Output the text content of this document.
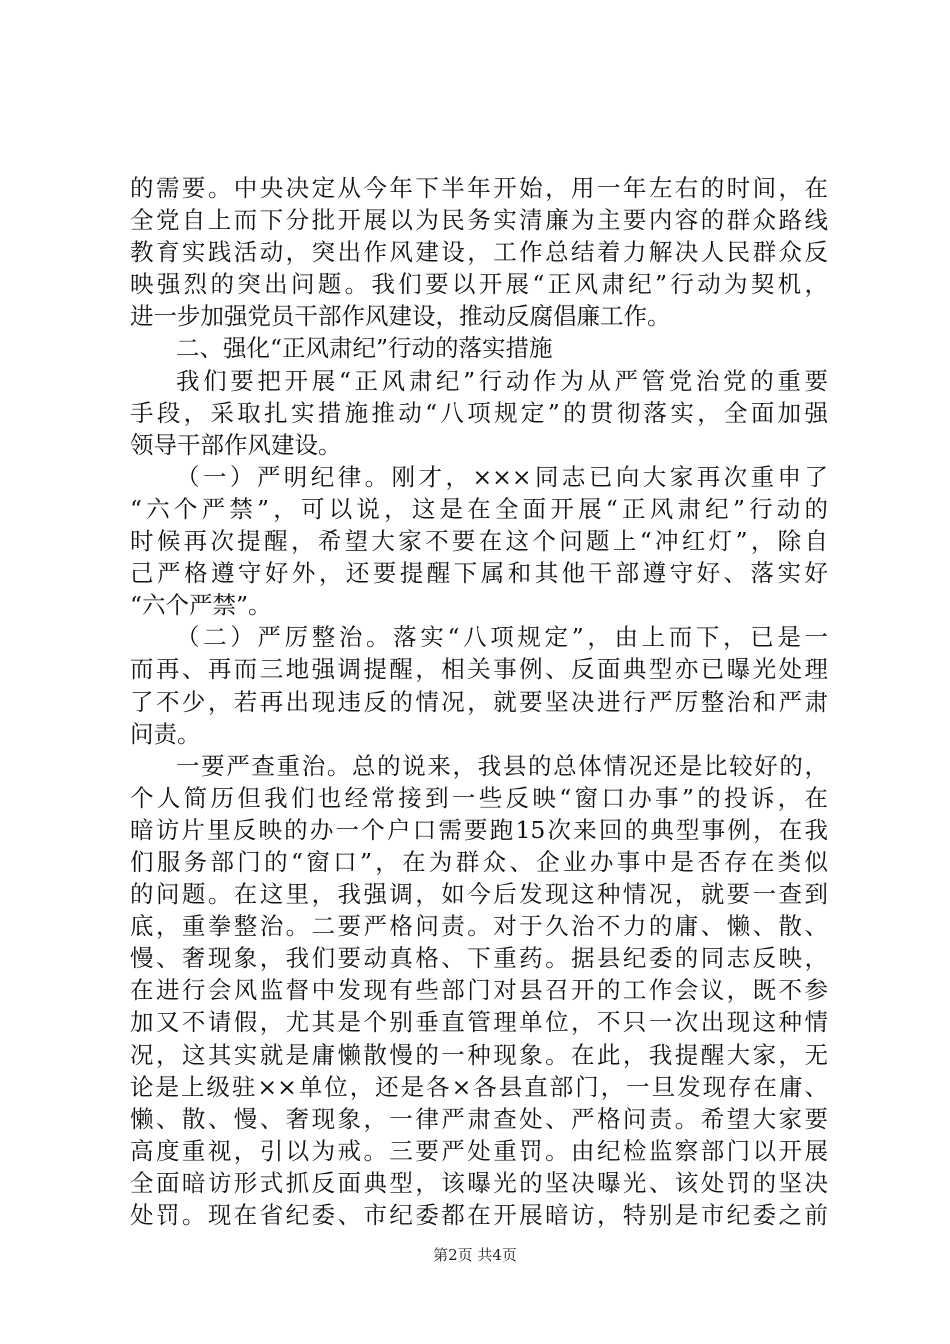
的需要。中央决定从今年下半年开始，用一年左右的时间，在
全党自上而下分批开展以为民务实清廉为主要内容的群众路线
教育实践活动，突出作风建设，工作总结着力解决人民群众反
映强烈的突出问题。我们要以开展“正风肃纪”行动为契机，
进一步加强党员干部作风建设，推动反腐倡廉工作。
二、强化“正风肃纪”行动的落实措施
我们要把开展“正风肃纪”行动作为从严管党治党的重要
手段，采取扎实措施推动“八项规定”的贯彻落实，全面加强
领导干部作风建设。
（一）严明纪律。刚才，×××同志已向大家再次重申了
“六个严禁”，可以说，这是在全面开展“正风肃纪”行动的
时候再次提醒，希望大家不要在这个问题上“冲红灯”，除自
己严格遵守好外，还要提醒下属和其他干部遵守好、落实好
“六个严禁”。
（二）严厉整治。落实“八项规定”，由上而下，已是一
而再、再而三地强调提醒，相关事例、反面典型亦已曝光处理
了不少，若再出现违反的情况，就要坚决进行严厉整治和严肃
问责。
一要严查重治。总的说来，我县的总体情况还是比较好的，
个人简历但我们也经常接到一些反映“窗口办事”的投诉，在
暗访片里反映的办一个户口需要跑15次来回的典型事例，在我
们服务部门的“窗口”，在为群众、企业办事中是否存在类似
的问题。在这里，我强调，如今后发现这种情况，就要一查到
底，重拳整治。二要严格问责。对于久治不力的庸、懒、散、
慢、奢现象，我们要动真格、下重药。据县纪委的同志反映，
在进行会风监督中发现有些部门对县召开的工作会议，既不参
加又不请假，尤其是个别垂直管理单位，不只一次出现这种情
况，这其实就是庸懒散慢的一种现象。在此，我提醒大家，无
论是上级驻××单位，还是各×各县直部门，一旦发现存在庸、
懒、散、慢、奢现象，一律严肃查处、严格问责。希望大家要
高度重视，引以为戒。三要严处重罚。由纪检监察部门以开展
全面暗访形式抓反面典型，该曝光的坚决曝光、该处罚的坚决
处罚。现在省纪委、市纪委都在开展暗访，特别是市纪委之前
第2页 共4页
